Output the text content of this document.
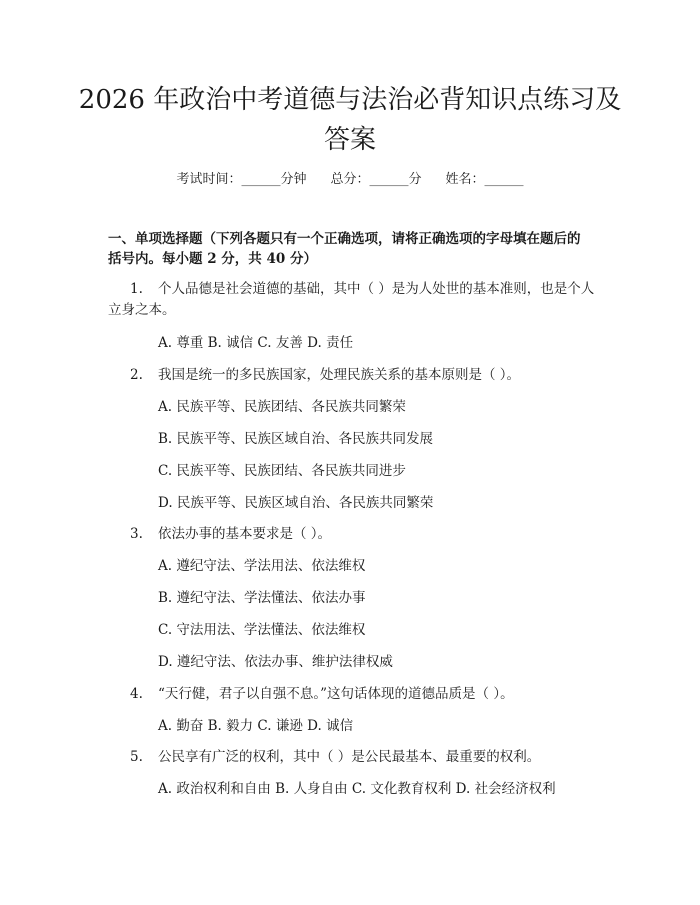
2026 年政治中考道德与法治必背知识点练习及答案
考试时间：______分钟 总分：______分 姓名：______

一、单项选择题（下列各题只有一个正确选项，请将正确选项的字母填在题后的括号内。每小题 2 分，共 40 分）

1. 个人品德是社会道德的基础，其中（ ）是为人处世的基本准则，也是个人立身之本。

A. 尊重 B. 诚信 C. 友善 D. 责任

2. 我国是统一的多民族国家，处理民族关系的基本原则是（ ）。

A. 民族平等、民族团结、各民族共同繁荣

B. 民族平等、民族区域自治、各民族共同发展

C. 民族平等、民族团结、各民族共同进步

D. 民族平等、民族区域自治、各民族共同繁荣

3. 依法办事的基本要求是（ ）。

A. 遵纪守法、学法用法、依法维权

B. 遵纪守法、学法懂法、依法办事

C. 守法用法、学法懂法、依法维权

D. 遵纪守法、依法办事、维护法律权威

4. “天行健，君子以自强不息。”这句话体现的道德品质是（ ）。

A. 勤奋 B. 毅力 C. 谦逊 D. 诚信

5. 公民享有广泛的权利，其中（ ）是公民最基本、最重要的权利。

A. 政治权利和自由 B. 人身自由 C. 文化教育权利 D. 社会经济权利
